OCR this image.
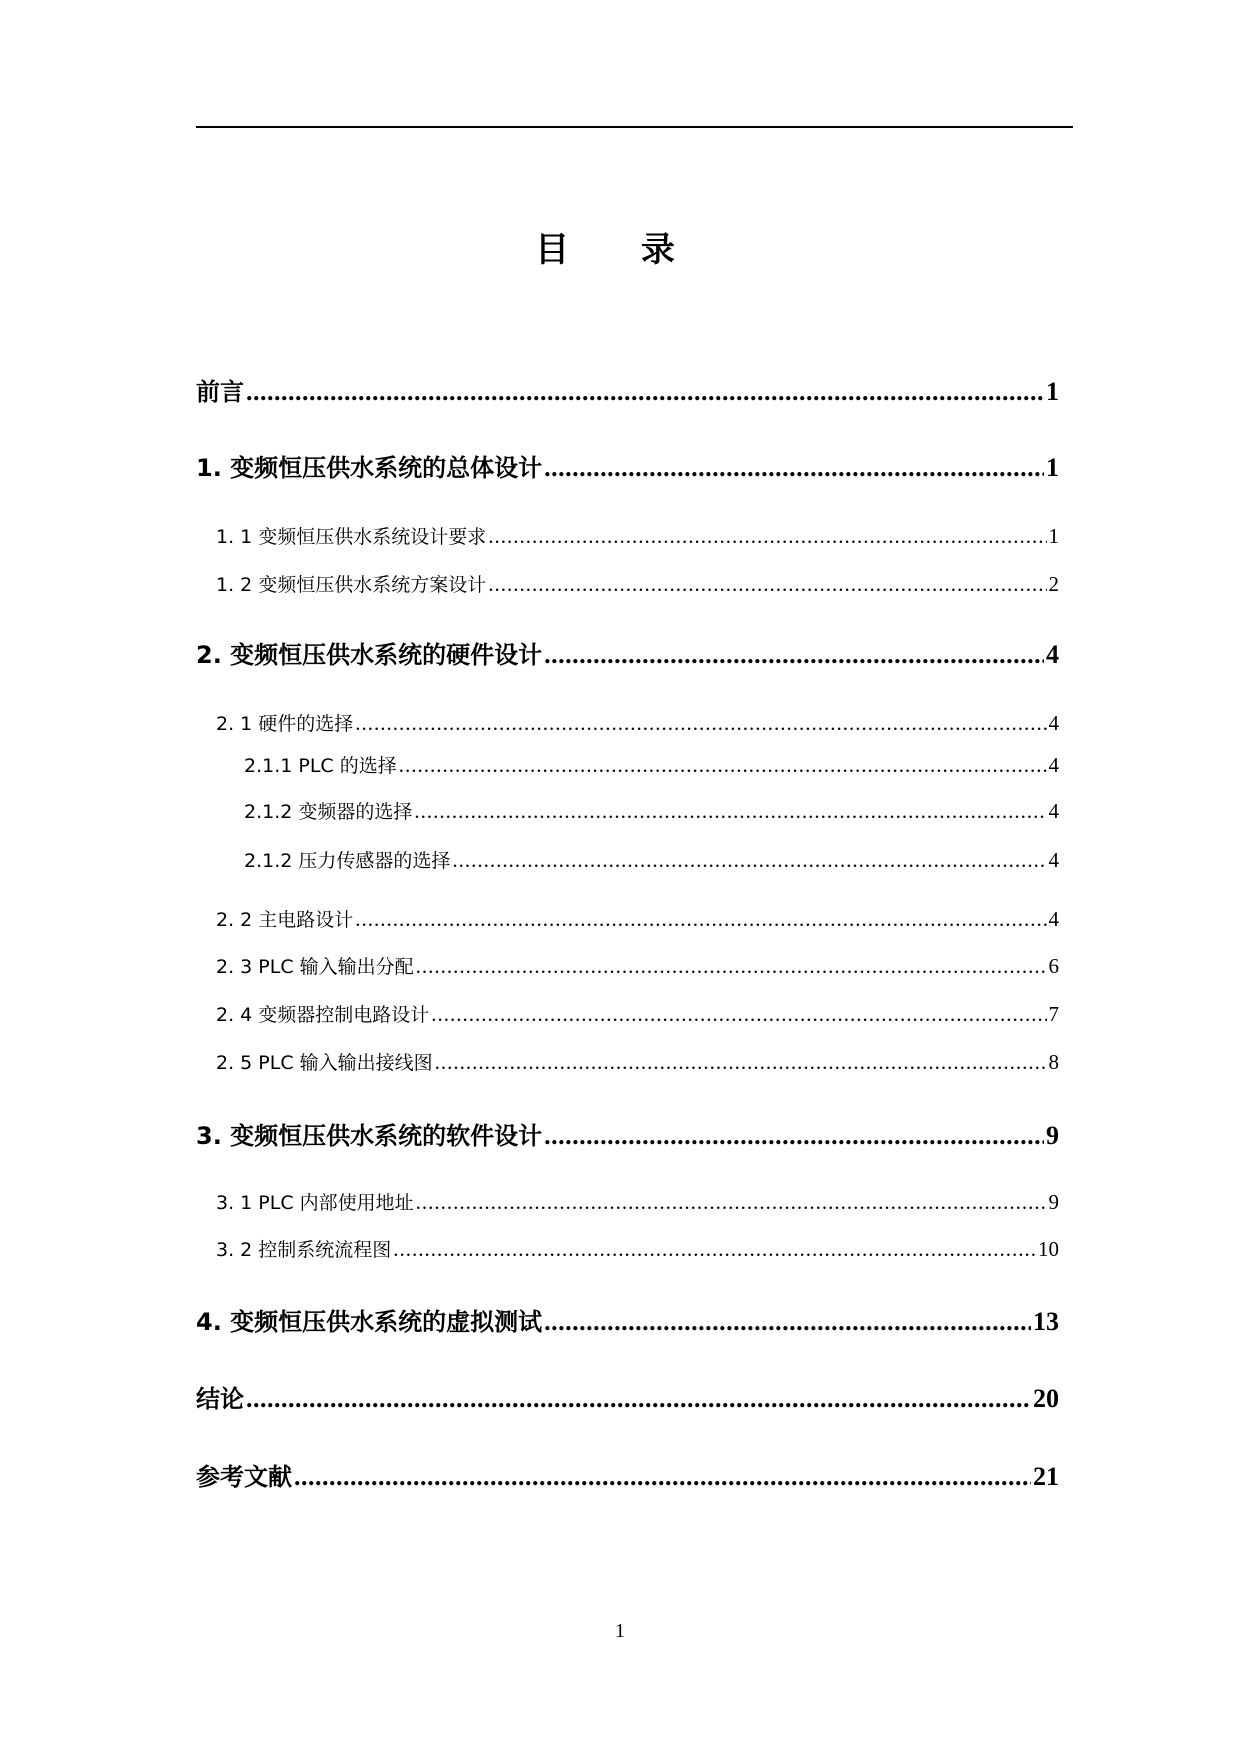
目 录
前言 .....	1
1. 变频恒压供水系统的总体设计 .....	1
1. 1 变频恒压供水系统设计要求 .....	1
1. 2 变频恒压供水系统方案设计 .....	2
2. 变频恒压供水系统的硬件设计 .....	4
2. 1 硬件的选择 .....	4
2.1.1 PLC 的选择 .....	4
2.1.2 变频器的选择 .....	4
2.1.2 压力传感器的选择 .....	4
2. 2 主电路设计 .....	4
2. 3 PLC 输入输出分配 .....	6
2. 4 变频器控制电路设计 .....	7
2. 5 PLC 输入输出接线图 .....	8
3. 变频恒压供水系统的软件设计 .....	9
3. 1 PLC 内部使用地址 .....	9
3. 2 控制系统流程图 .....	10
4. 变频恒压供水系统的虚拟测试 .....	13
结论 .....	20
参考文献 .....	21
1
